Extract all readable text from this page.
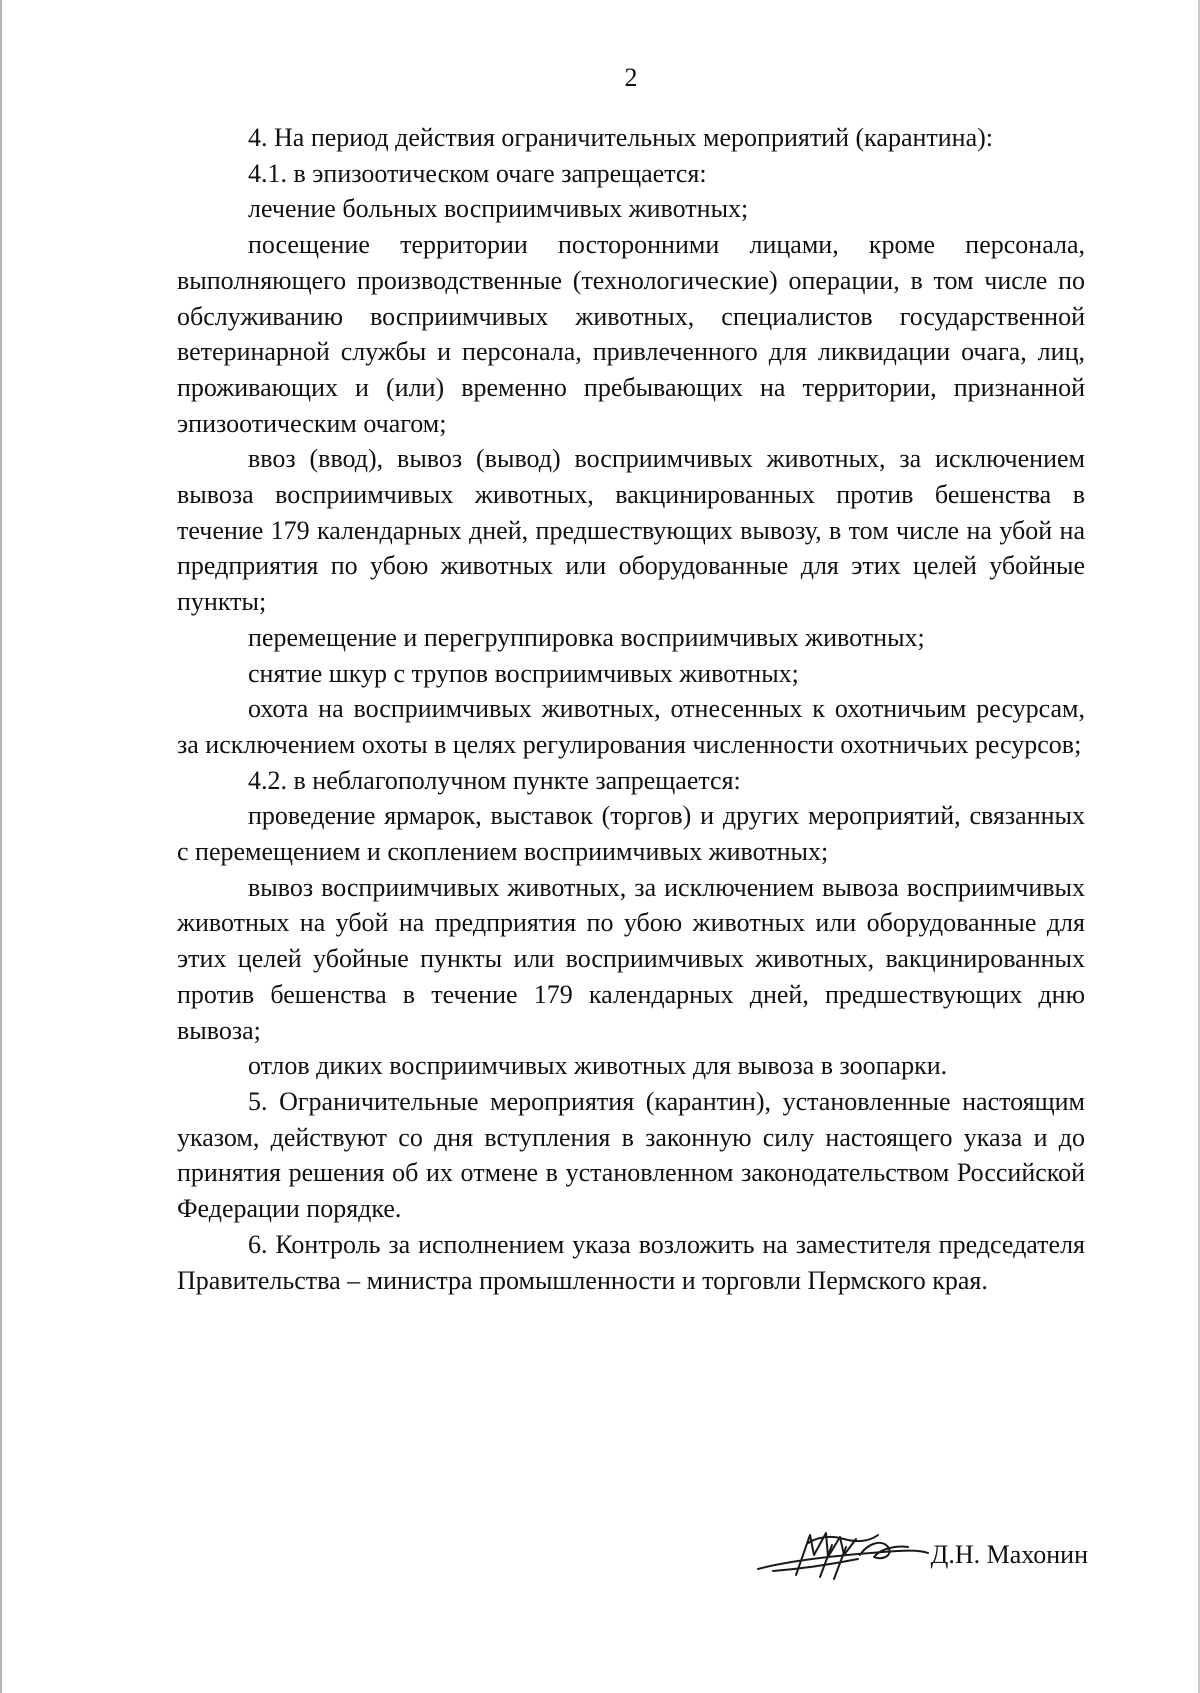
2

4. На период действия ограничительных мероприятий (карантина):

4.1. в эпизоотическом очаге запрещается:

лечение больных восприимчивых животных;

посещение территории посторонними лицами, кроме персонала, выполняющего производственные (технологические) операции, в том числе по обслуживанию восприимчивых животных, специалистов государственной ветеринарной службы и персонала, привлеченного для ликвидации очага, лиц, проживающих и (или) временно пребывающих на территории, признанной эпизоотическим очагом;

ввоз (ввод), вывоз (вывод) восприимчивых животных, за исключением вывоза восприимчивых животных, вакцинированных против бешенства в течение 179 календарных дней, предшествующих вывозу, в том числе на убой на предприятия по убою животных или оборудованные для этих целей убойные пункты;

перемещение и перегруппировка восприимчивых животных;

снятие шкур с трупов восприимчивых животных;

охота на восприимчивых животных, отнесенных к охотничьим ресурсам, за исключением охоты в целях регулирования численности охотничьих ресурсов;

4.2. в неблагополучном пункте запрещается:

проведение ярмарок, выставок (торгов) и других мероприятий, связанных с перемещением и скоплением восприимчивых животных;

вывоз восприимчивых животных, за исключением вывоза восприимчивых животных на убой на предприятия по убою животных или оборудованные для этих целей убойные пункты или восприимчивых животных, вакцинированных против бешенства в течение 179 календарных дней, предшествующих дню вывоза;

отлов диких восприимчивых животных для вывоза в зоопарки.

5. Ограничительные мероприятия (карантин), установленные настоящим указом, действуют со дня вступления в законную силу настоящего указа и до принятия решения об их отмене в установленном законодательством Российской Федерации порядке.

6. Контроль за исполнением указа возложить на заместителя председателя Правительства – министра промышленности и торговли Пермского края.

Д.Н. Махонин
